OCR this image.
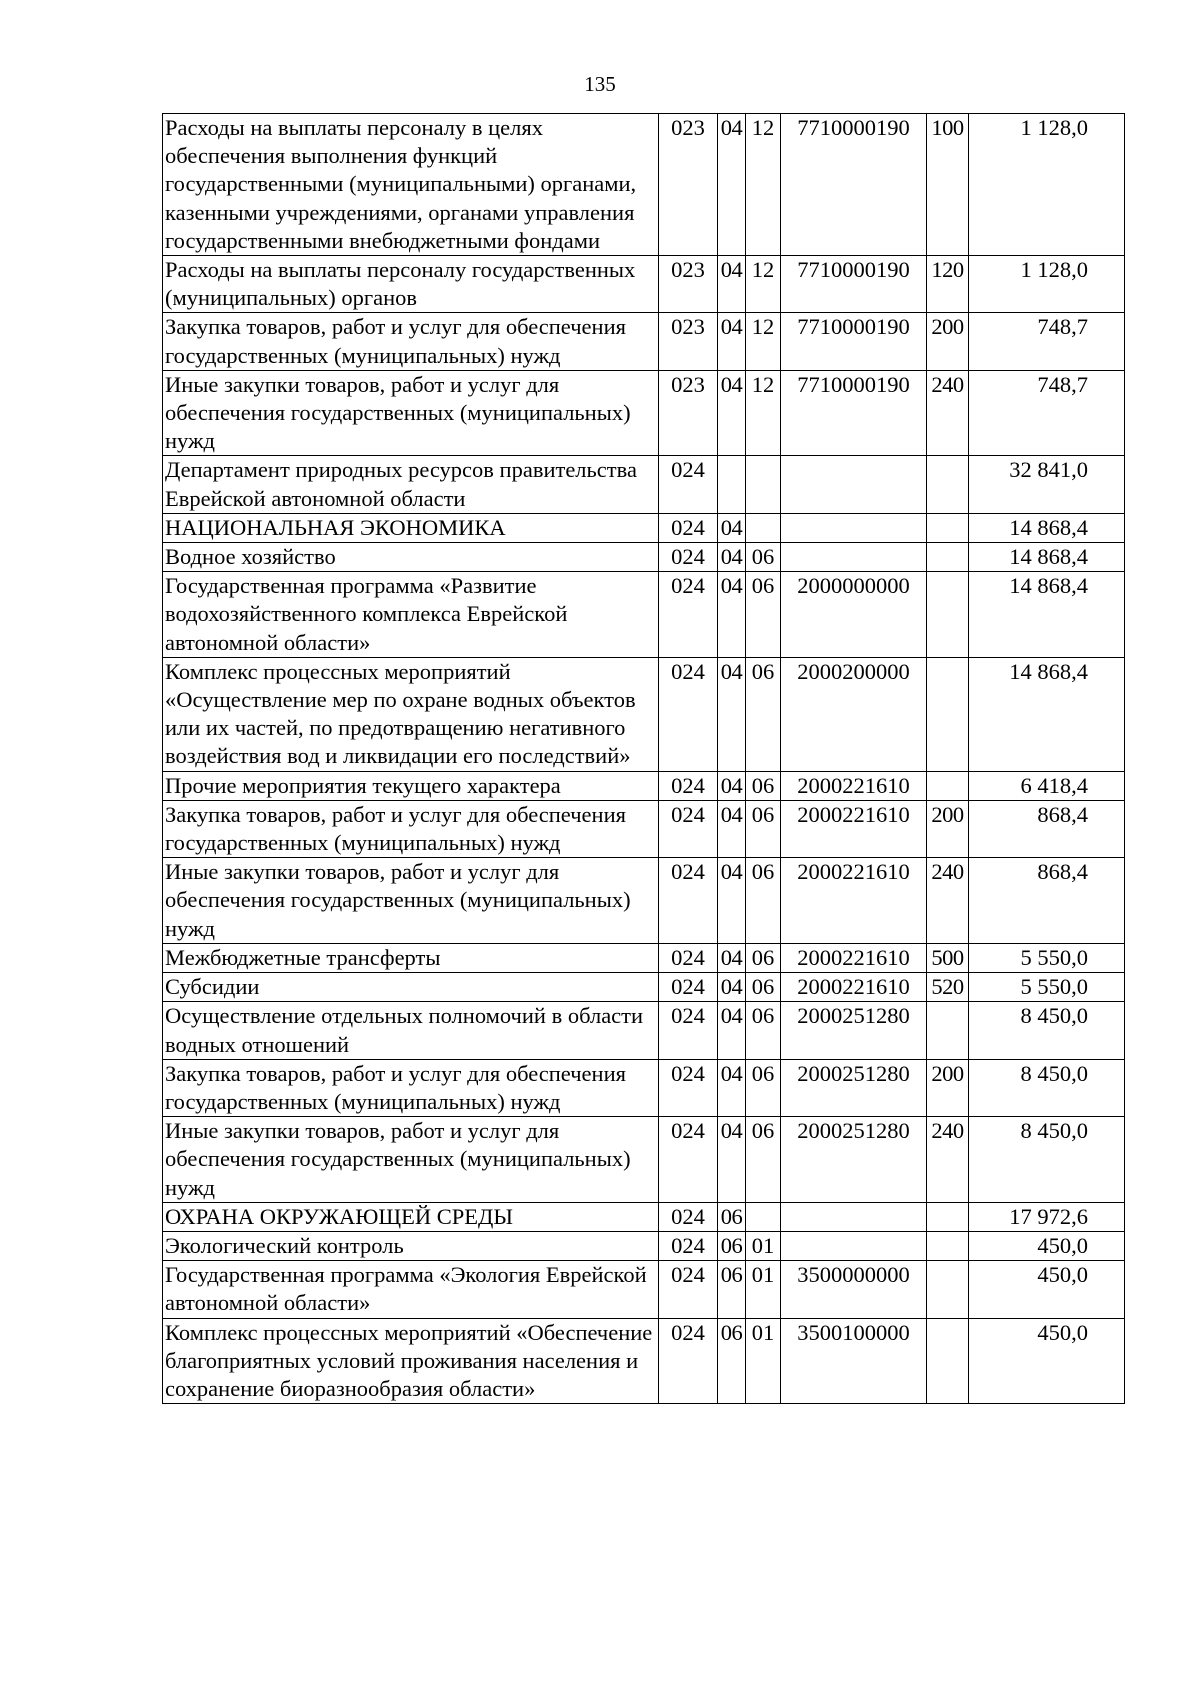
135
Расходы на выплаты персоналу в целях обеспечения выполнения функций государственными (муниципальными) органами, казенными учреждениями, органами управления государственными внебюджетными фондами	023	04	12	7710000190	100	1 128,0
Расходы на выплаты персоналу государственных (муниципальных) органов	023	04	12	7710000190	120	1 128,0
Закупка товаров, работ и услуг для обеспечения государственных (муниципальных) нужд	023	04	12	7710000190	200	748,7
Иные закупки товаров, работ и услуг для обеспечения государственных (муниципальных) нужд	023	04	12	7710000190	240	748,7
Департамент природных ресурсов правительства Еврейской автономной области	024					32 841,0
НАЦИОНАЛЬНАЯ ЭКОНОМИКА	024	04				14 868,4
Водное хозяйство	024	04	06			14 868,4
Государственная программа «Развитие водохозяйственного комплекса Еврейской автономной области»	024	04	06	2000000000		14 868,4
Комплекс процессных мероприятий «Осуществление мер по охране водных объектов или их частей, по предотвращению негативного воздействия вод и ликвидации его последствий»	024	04	06	2000200000		14 868,4
Прочие мероприятия текущего характера	024	04	06	2000221610		6 418,4
Закупка товаров, работ и услуг для обеспечения государственных (муниципальных) нужд	024	04	06	2000221610	200	868,4
Иные закупки товаров, работ и услуг для обеспечения государственных (муниципальных) нужд	024	04	06	2000221610	240	868,4
Межбюджетные трансферты	024	04	06	2000221610	500	5 550,0
Субсидии	024	04	06	2000221610	520	5 550,0
Осуществление отдельных полномочий в области водных отношений	024	04	06	2000251280		8 450,0
Закупка товаров, работ и услуг для обеспечения государственных (муниципальных) нужд	024	04	06	2000251280	200	8 450,0
Иные закупки товаров, работ и услуг для обеспечения государственных (муниципальных) нужд	024	04	06	2000251280	240	8 450,0
ОХРАНА ОКРУЖАЮЩЕЙ СРЕДЫ	024	06				17 972,6
Экологический контроль	024	06	01			450,0
Государственная программа «Экология Еврейской автономной области»	024	06	01	3500000000		450,0
Комплекс процессных мероприятий «Обеспечение благоприятных условий проживания населения и сохранение биоразнообразия области»	024	06	01	3500100000		450,0
